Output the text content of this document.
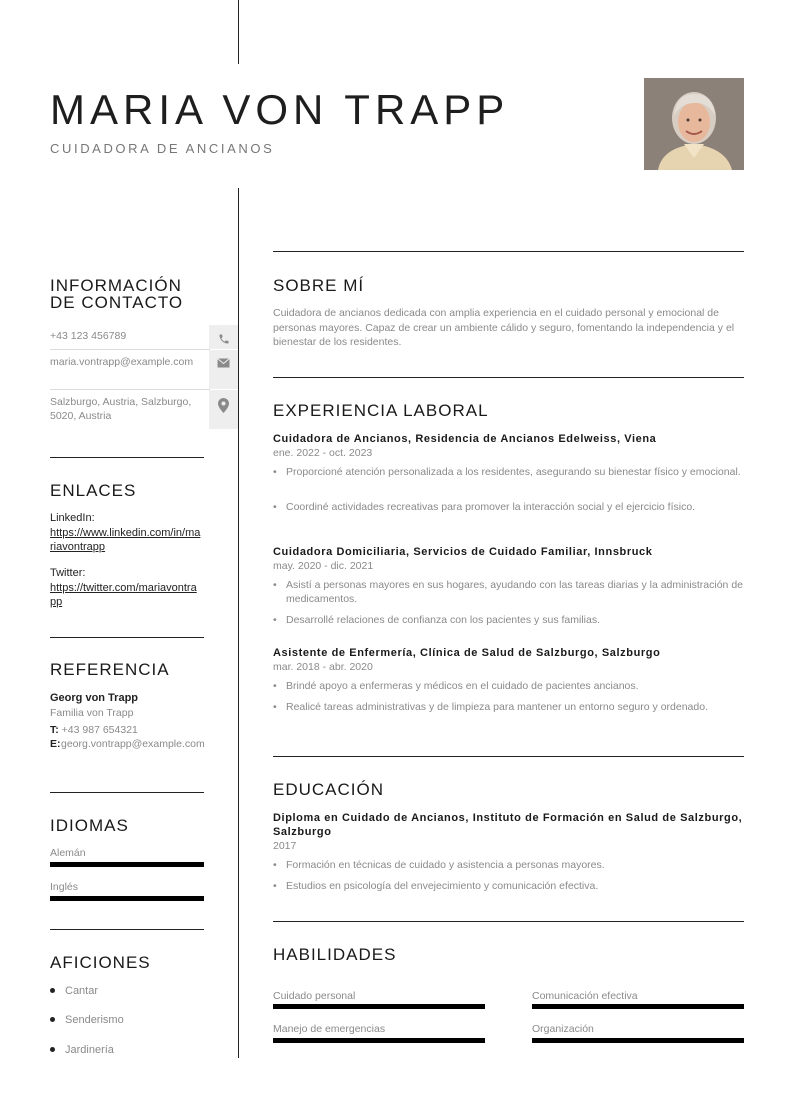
MARIA VON TRAPP
CUIDADORA DE ANCIANOS
INFORMACIÓN
DE CONTACTO
+43 123 456789
maria.vontrapp@example.com
Salzburgo, Austria, Salzburgo, 5020, Austria
ENLACES
LinkedIn:
https://www.linkedin.com/in/mariavontrapp
Twitter:
https://twitter.com/mariavontrapp
REFERENCIA
Georg von Trapp
Familia von Trapp
T: +43 987 654321
E: georg.vontrapp@example.com
IDIOMAS
Alemán
Inglés
AFICIONES
Cantar
Senderismo
Jardinería
SOBRE MÍ
Cuidadora de ancianos dedicada con amplia experiencia en el cuidado personal y emocional de personas mayores. Capaz de crear un ambiente cálido y seguro, fomentando la independencia y el bienestar de los residentes.
EXPERIENCIA LABORAL
Cuidadora de Ancianos, Residencia de Ancianos Edelweiss, Viena
ene. 2022 - oct. 2023
• Proporcioné atención personalizada a los residentes, asegurando su bienestar físico y emocional.
• Coordiné actividades recreativas para promover la interacción social y el ejercicio físico.
Cuidadora Domiciliaria, Servicios de Cuidado Familiar, Innsbruck
may. 2020 - dic. 2021
• Asistí a personas mayores en sus hogares, ayudando con las tareas diarias y la administración de medicamentos.
• Desarrollé relaciones de confianza con los pacientes y sus familias.
Asistente de Enfermería, Clínica de Salud de Salzburgo, Salzburgo
mar. 2018 - abr. 2020
• Brindé apoyo a enfermeras y médicos en el cuidado de pacientes ancianos.
• Realicé tareas administrativas y de limpieza para mantener un entorno seguro y ordenado.
EDUCACIÓN
Diploma en Cuidado de Ancianos, Instituto de Formación en Salud de Salzburgo, Salzburgo
2017
• Formación en técnicas de cuidado y asistencia a personas mayores.
• Estudios en psicología del envejecimiento y comunicación efectiva.
HABILIDADES
Cuidado personal	Comunicación efectiva
Manejo de emergencias	Organización
